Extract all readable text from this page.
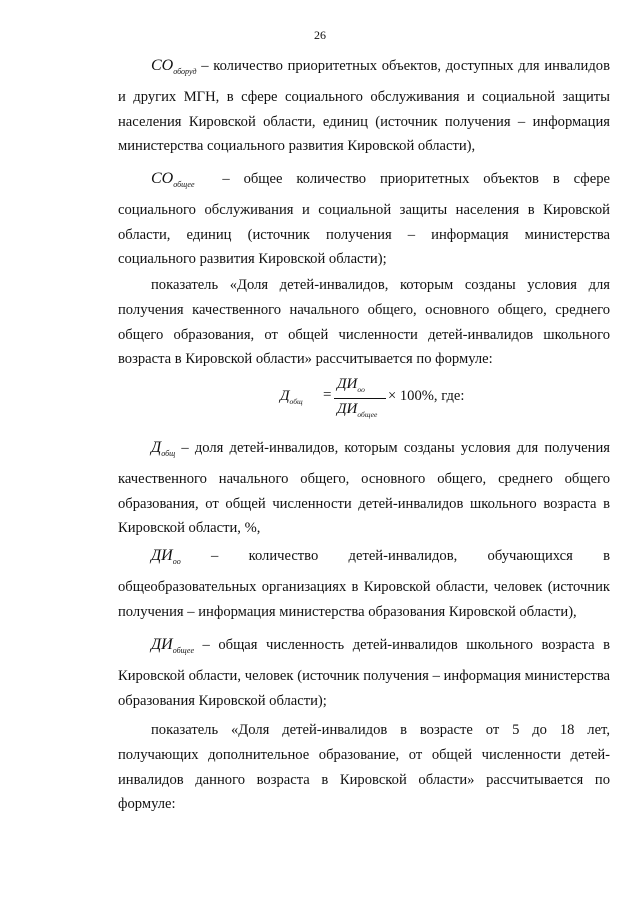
26

$СО_{оборуд}$ – количество приоритетных объектов, доступных для инвалидов и других МГН, в сфере социального обслуживания и социальной защиты населения Кировской области, единиц (источник получения – информация министерства социального развития Кировской области),

$СО_{общее}$ – общее количество приоритетных объектов в сфере социального обслуживания и социальной защиты населения в Кировской области, единиц (источник получения – информация министерства социального развития Кировской области);

показатель «Доля детей-инвалидов, которым созданы условия для получения качественного начального общего, основного общего, среднего общего образования, от общей численности детей-инвалидов школьного возраста в Кировской области» рассчитывается по формуле:

$Д_{общ}$ =
$ДИ_{оо}$
$ДИ_{общее}$
× 100%, где:

$Д_{общ}$ – доля детей-инвалидов, которым созданы условия для получения качественного начального общего, основного общего, среднего общего образования, от общей численности детей-инвалидов школьного возраста в Кировской области, %,

$ДИ_{оо}$ – количество детей-инвалидов, обучающихся в общеобразовательных организациях в Кировской области, человек (источник получения – информация министерства образования Кировской области),

$ДИ_{общее}$ – общая численность детей-инвалидов школьного возраста в Кировской области, человек (источник получения – информация министерства образования Кировской области);

показатель «Доля детей-инвалидов в возрасте от 5 до 18 лет, получающих дополнительное образование, от общей численности детей-инвалидов данного возраста в Кировской области» рассчитывается по формуле:
